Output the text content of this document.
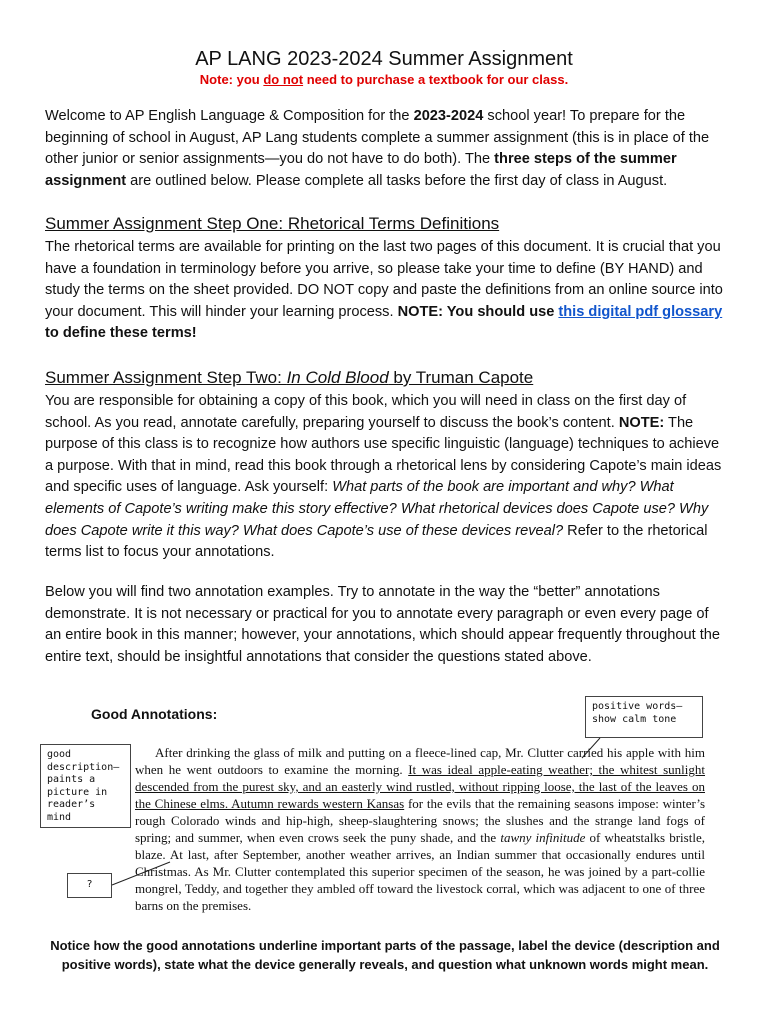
AP LANG 2023-2024 Summer Assignment
Note: you do not need to purchase a textbook for our class.
Welcome to AP English Language & Composition for the 2023-2024 school year! To prepare for the beginning of school in August, AP Lang students complete a summer assignment (this is in place of the other junior or senior assignments—you do not have to do both). The three steps of the summer assignment are outlined below. Please complete all tasks before the first day of class in August.
Summer Assignment Step One: Rhetorical Terms Definitions
The rhetorical terms are available for printing on the last two pages of this document. It is crucial that you have a foundation in terminology before you arrive, so please take your time to define (BY HAND) and study the terms on the sheet provided. DO NOT copy and paste the definitions from an online source into your document. This will hinder your learning process. NOTE: You should use this digital pdf glossary to define these terms!
Summer Assignment Step Two: In Cold Blood by Truman Capote
You are responsible for obtaining a copy of this book, which you will need in class on the first day of school. As you read, annotate carefully, preparing yourself to discuss the book’s content. NOTE: The purpose of this class is to recognize how authors use specific linguistic (language) techniques to achieve a purpose. With that in mind, read this book through a rhetorical lens by considering Capote’s main ideas and specific uses of language. Ask yourself: What parts of the book are important and why? What elements of Capote’s writing make this story effective? What rhetorical devices does Capote use? Why does Capote write it this way? What does Capote’s use of these devices reveal? Refer to the rhetorical terms list to focus your annotations.
Below you will find two annotation examples. Try to annotate in the way the “better” annotations demonstrate. It is not necessary or practical for you to annotate every paragraph or even every page of an entire book in this manner; however, your annotations, which should appear frequently throughout the entire text, should be insightful annotations that consider the questions stated above.
Good Annotations:	positive words—
show calm tone
good
description—
paints a
picture in
reader’s mind
?
After drinking the glass of milk and putting on a fleece-lined cap, Mr. Clutter carried his apple with him when he went outdoors to examine the morning. It was ideal apple-eating weather; the whitest sunlight descended from the purest sky, and an easterly wind rustled, without ripping loose, the last of the leaves on the Chinese elms. Autumn rewards western Kansas for the evils that the remaining seasons impose: winter’s rough Colorado winds and hip-high, sheep-slaughtering snows; the slushes and the strange land fogs of spring; and summer, when even crows seek the puny shade, and the tawny infinitude of wheatstalks bristle, blaze. At last, after September, another weather arrives, an Indian summer that occasionally endures until Christmas. As Mr. Clutter contemplated this superior specimen of the season, he was joined by a part-collie mongrel, Teddy, and together they ambled off toward the livestock corral, which was adjacent to one of three barns on the premises.
Notice how the good annotations underline important parts of the passage, label the device (description and positive words), state what the device generally reveals, and question what unknown words might mean.
